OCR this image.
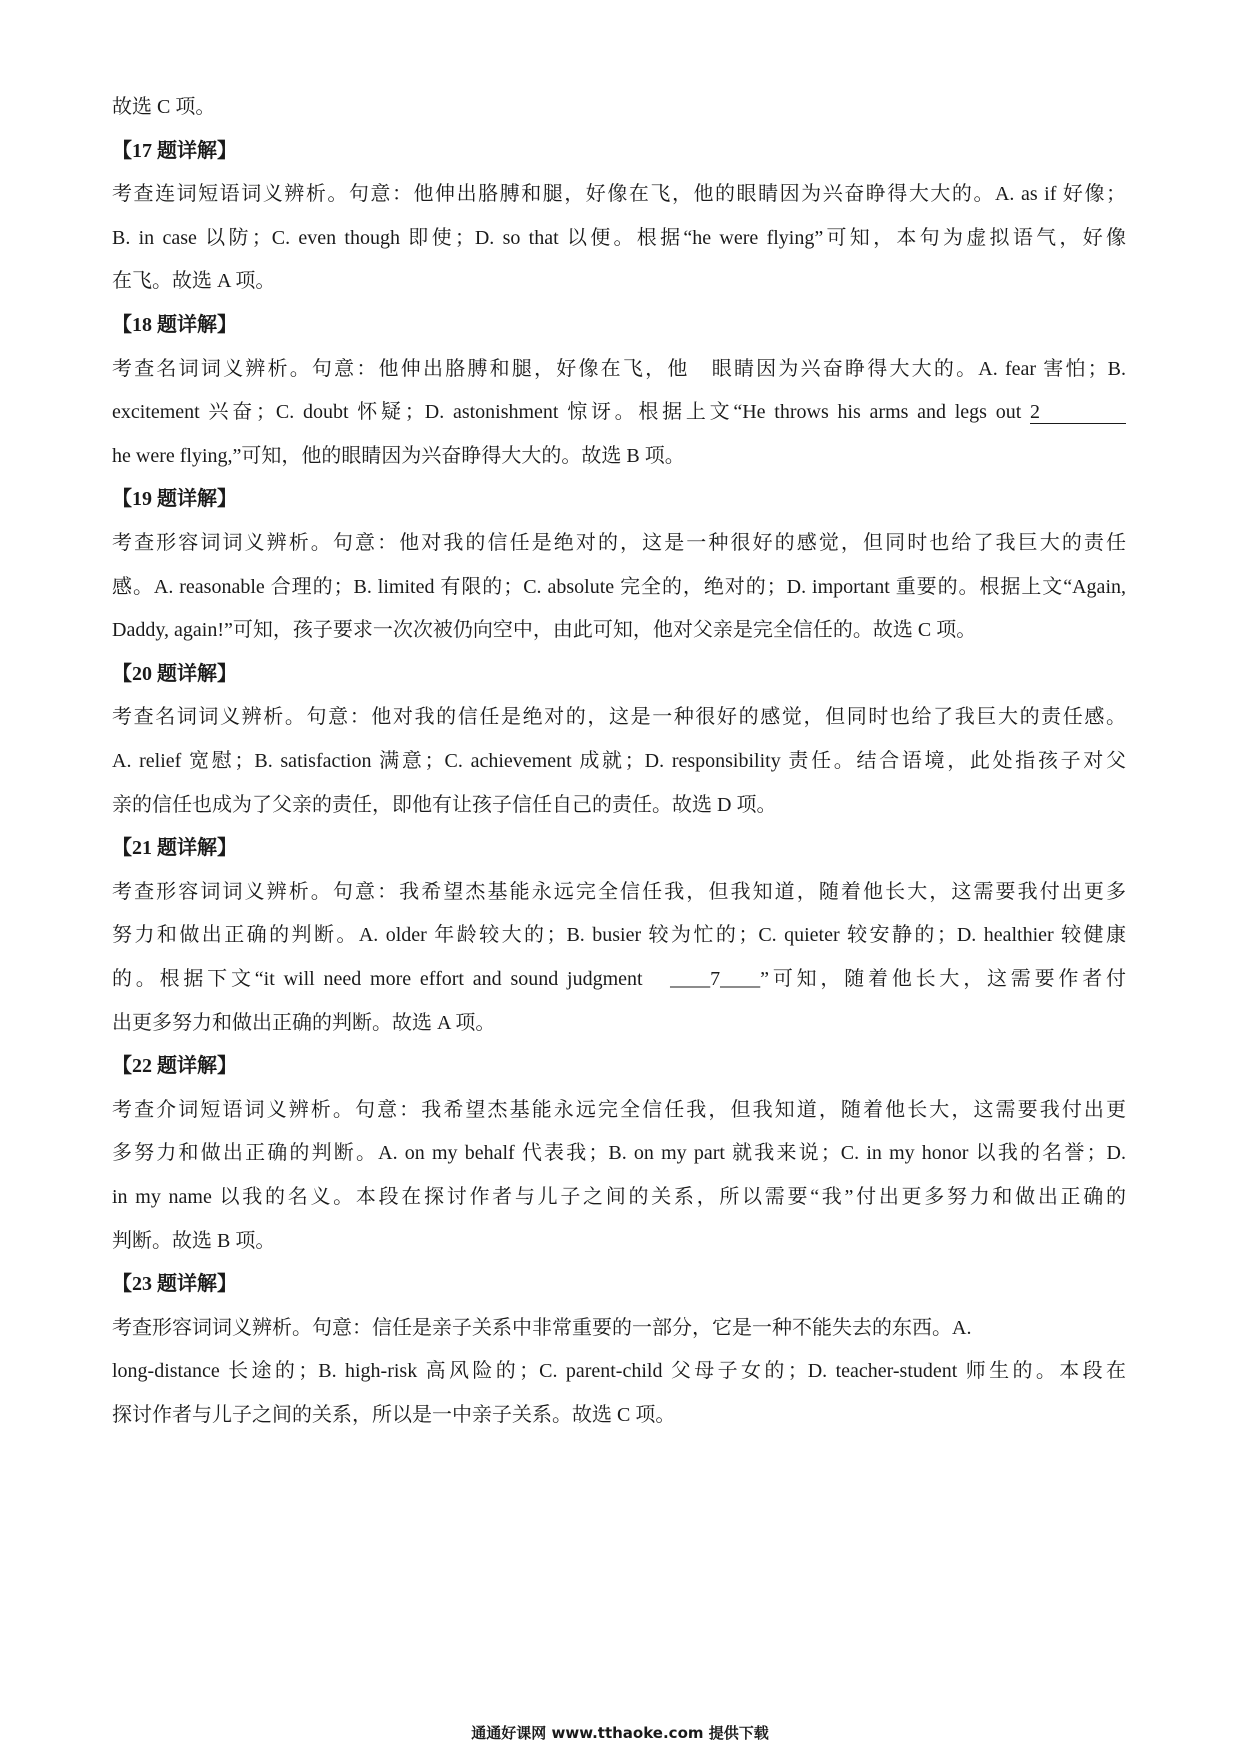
故选 C 项。
【17 题详解】
考查连词短语词义辨析。句意：他伸出胳膊和腿，好像在飞，他的眼睛因为兴奋睁得大大的。A. as if 好像；
B. in case 以防；C. even though 即使；D. so that 以便。根据“he were flying”可知，本句为虚拟语气，好像
在飞。故选 A 项。
【18 题详解】
考查名词词义辨析。句意：他伸出胳膊和腿，好像在飞，他　眼睛因为兴奋睁得大大的。A. fear 害怕；B.
excitement 兴奋；C. doubt 怀疑；D. astonishment 惊讶。根据上文“He throws his arms and legs out 2
he were flying,”可知，他的眼睛因为兴奋睁得大大的。故选 B 项。
【19 题详解】
考查形容词词义辨析。句意：他对我的信任是绝对的，这是一种很好的感觉，但同时也给了我巨大的责任
感。A. reasonable 合理的；B. limited 有限的；C. absolute 完全的，绝对的；D. important 重要的。根据上文“Again,
Daddy, again!”可知，孩子要求一次次被仍向空中，由此可知，他对父亲是完全信任的。故选 C 项。
【20 题详解】
考查名词词义辨析。句意：他对我的信任是绝对的，这是一种很好的感觉，但同时也给了我巨大的责任感。
A. relief 宽慰；B. satisfaction 满意；C. achievement 成就；D. responsibility 责任。结合语境，此处指孩子对父
亲的信任也成为了父亲的责任，即他有让孩子信任自己的责任。故选 D 项。
【21 题详解】
考查形容词词义辨析。句意：我希望杰基能永远完全信任我，但我知道，随着他长大，这需要我付出更多
努力和做出正确的判断。A. older 年龄较大的；B. busier 较为忙的；C. quieter 较安静的；D. healthier 较健康
的。根据下文“it will need more effort and sound judgment　____7____”可知，随着他长大，这需要作者付
出更多努力和做出正确的判断。故选 A 项。
【22 题详解】
考查介词短语词义辨析。句意：我希望杰基能永远完全信任我，但我知道，随着他长大，这需要我付出更
多努力和做出正确的判断。A. on my behalf 代表我；B. on my part 就我来说；C. in my honor 以我的名誉；D.
in my name 以我的名义。本段在探讨作者与儿子之间的关系，所以需要“我”付出更多努力和做出正确的
判断。故选 B 项。
【23 题详解】
考查形容词词义辨析。句意：信任是亲子关系中非常重要的一部分，它是一种不能失去的东西。A.
long-distance 长途的；B. high-risk 高风险的；C. parent-child 父母子女的；D. teacher-student 师生的。本段在
探讨作者与儿子之间的关系，所以是一中亲子关系。故选 C 项。
通通好课网 www.tthaoke.com 提供下载
